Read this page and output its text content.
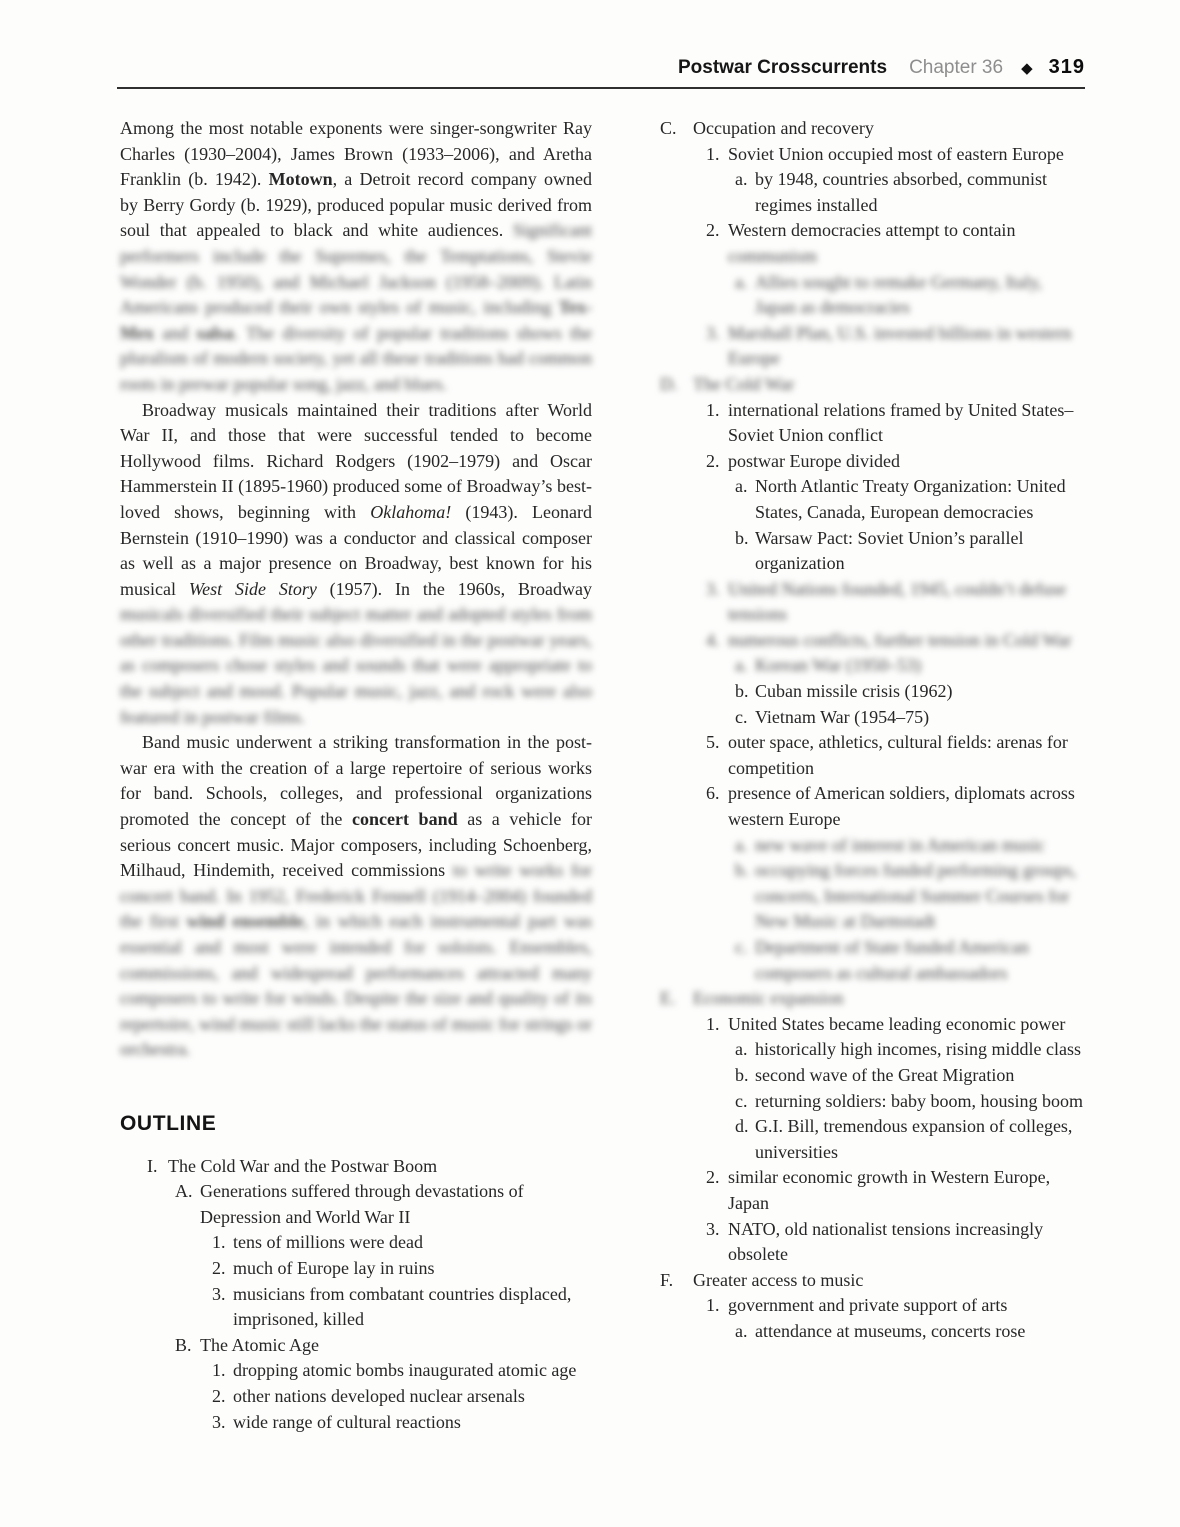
Postwar Crosscurrents Chapter 36 ◆ 319

Among the most notable exponents were singer-songwriter Ray Charles (1930–2004), James Brown (1933–2006), and Aretha Franklin (b. 1942). Motown, a Detroit record company owned by Berry Gordy (b. 1929), produced popular music derived from soul that appealed to black and white audiences. Significant performers include the Supremes, the Temptations, Stevie Wonder (b. 1950), and Michael Jackson (1958–2009). Latin Americans produced their own styles of music, including Tex-Mex and salsa. The diversity of popular traditions shows the pluralism of modern society, yet all these traditions had common roots in prewar popular song, jazz, and blues.

Broadway musicals maintained their traditions after World War II, and those that were successful tended to become Hollywood films. Richard Rodgers (1902–1979) and Oscar Hammerstein II (1895-1960) produced some of Broadway’s best-loved shows, beginning with Oklahoma! (1943). Leonard Bernstein (1910–1990) was a conductor and classical composer as well as a major presence on Broadway, best known for his musical West Side Story (1957). In the 1960s, Broadway musicals diversified their subject matter and adopted styles from other traditions. Film music also diversified in the postwar years, as composers chose styles and sounds that were appropriate to the subject and mood. Popular music, jazz, and rock were also featured in postwar films.

Band music underwent a striking transformation in the post-war era with the creation of a large repertoire of serious works for band. Schools, colleges, and professional organizations promoted the concept of the concert band as a vehicle for serious concert music. Major composers, including Schoenberg, Milhaud, Hindemith, received commissions to write works for concert band. In 1952, Frederick Fennell (1914–2004) founded the first wind ensemble, in which each instrumental part was essential and most were intended for soloists. Ensembles, commissions, and widespread performances attracted many composers to write for winds. Despite the size and quality of its repertoire, wind music still lacks the status of music for strings or orchestra.

OUTLINE
I. The Cold War and the Postwar Boom
A. Generations suffered through devastations of Depression and World War II
1. tens of millions were dead
2. much of Europe lay in ruins
3. musicians from combatant countries displaced, imprisoned, killed
B. The Atomic Age
1. dropping atomic bombs inaugurated atomic age
2. other nations developed nuclear arsenals
3. wide range of cultural reactions
C. Occupation and recovery
1. Soviet Union occupied most of eastern Europe
a. by 1948, countries absorbed, communist regimes installed
2. Western democracies attempt to contain communism
a. Allies sought to remake Germany, Italy, Japan as democracies
3. Marshall Plan, U.S. invested billions in western Europe
D. The Cold War
1. international relations framed by United States–Soviet Union conflict
2. postwar Europe divided
a. North Atlantic Treaty Organization: United States, Canada, European democracies
b. Warsaw Pact: Soviet Union’s parallel organization
3. United Nations founded, 1945, couldn’t defuse tensions
4. numerous conflicts, further tension in Cold War
a. Korean War (1950–53)
b. Cuban missile crisis (1962)
c. Vietnam War (1954–75)
5. outer space, athletics, cultural fields: arenas for competition
6. presence of American soldiers, diplomats across western Europe
a. new wave of interest in American music
b. occupying forces funded performing groups, concerts, International Summer Courses for New Music at Darmstadt
c. Department of State funded American composers as cultural ambassadors
E. Economic expansion
1. United States became leading economic power
a. historically high incomes, rising middle class
b. second wave of the Great Migration
c. returning soldiers: baby boom, housing boom
d. G.I. Bill, tremendous expansion of colleges, universities
2. similar economic growth in Western Europe, Japan
3. NATO, old nationalist tensions increasingly obsolete
F.	Greater access to music
1. government and private support of arts
a. attendance at museums, concerts rose
